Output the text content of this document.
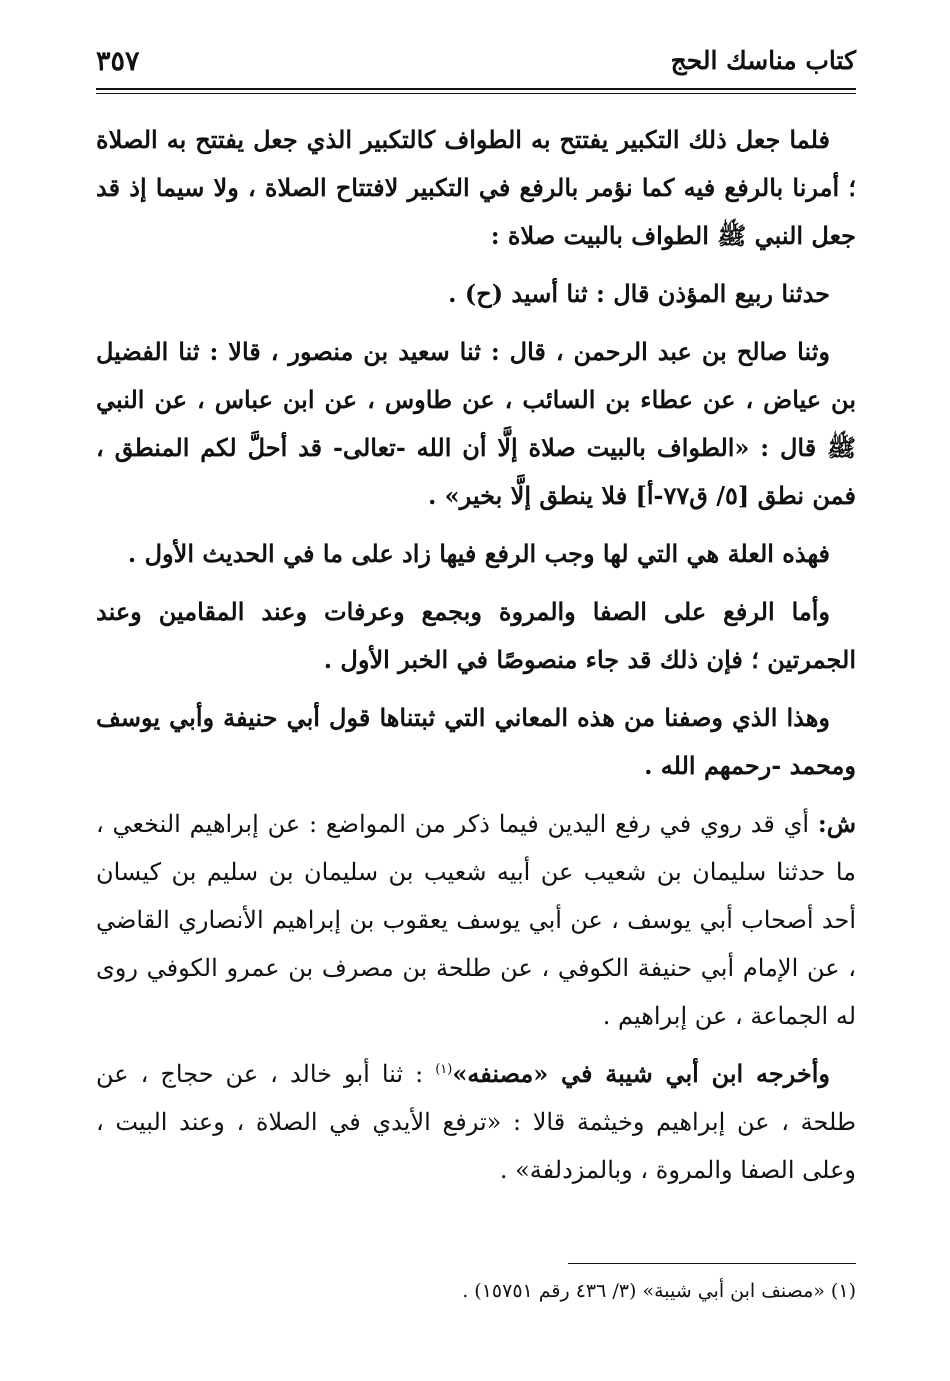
كتاب مناسك الحج
٣٥٧

فلما جعل ذلك التكبير يفتتح به الطواف كالتكبير الذي جعل يفتتح به الصلاة ؛ أمرنا بالرفع فيه كما نؤمر بالرفع في التكبير لافتتاح الصلاة ، ولا سيما إذ قد جعل النبي ﷺ الطواف بالبيت صلاة :

حدثنا ربيع المؤذن قال : ثنا أسيد (ح) .

وثنا صالح بن عبد الرحمن ، قال : ثنا سعيد بن منصور ، قالا : ثنا الفضيل بن عياض ، عن عطاء بن السائب ، عن طاوس ، عن ابن عباس ، عن النبي ﷺ قال : «الطواف بالبيت صلاة إلَّا أن الله -تعالى- قد أحلَّ لكم المنطق ، فمن نطق [٥/ ق٧٧-أ] فلا ينطق إلَّا بخير» .

فهذه العلة هي التي لها وجب الرفع فيها زاد على ما في الحديث الأول .

وأما الرفع على الصفا والمروة وبجمع وعرفات وعند المقامين وعند الجمرتين ؛ فإن ذلك قد جاء منصوصًا في الخبر الأول .

وهذا الذي وصفنا من هذه المعاني التي ثبتناها قول أبي حنيفة وأبي يوسف ومحمد -رحمهم الله .

ش: أي قد روي في رفع اليدين فيما ذكر من المواضع : عن إبراهيم النخعي ، ما حدثنا سليمان بن شعيب عن أبيه شعيب بن سليمان بن سليم بن كيسان أحد أصحاب أبي يوسف ، عن أبي يوسف يعقوب بن إبراهيم الأنصاري القاضي ، عن الإمام أبي حنيفة الكوفي ، عن طلحة بن مصرف بن عمرو الكوفي روى له الجماعة ، عن إبراهيم .

وأخرجه ابن أبي شيبة في «مصنفه»$^{(١)}$ : ثنا أبو خالد ، عن حجاج ، عن طلحة ، عن إبراهيم وخيثمة قالا : «ترفع الأيدي في الصلاة ، وعند البيت ، وعلى الصفا والمروة ، وبالمزدلفة» .

(١) «مصنف ابن أبي شيبة» (٣/ ٤٣٦ رقم ١٥٧٥١) .
